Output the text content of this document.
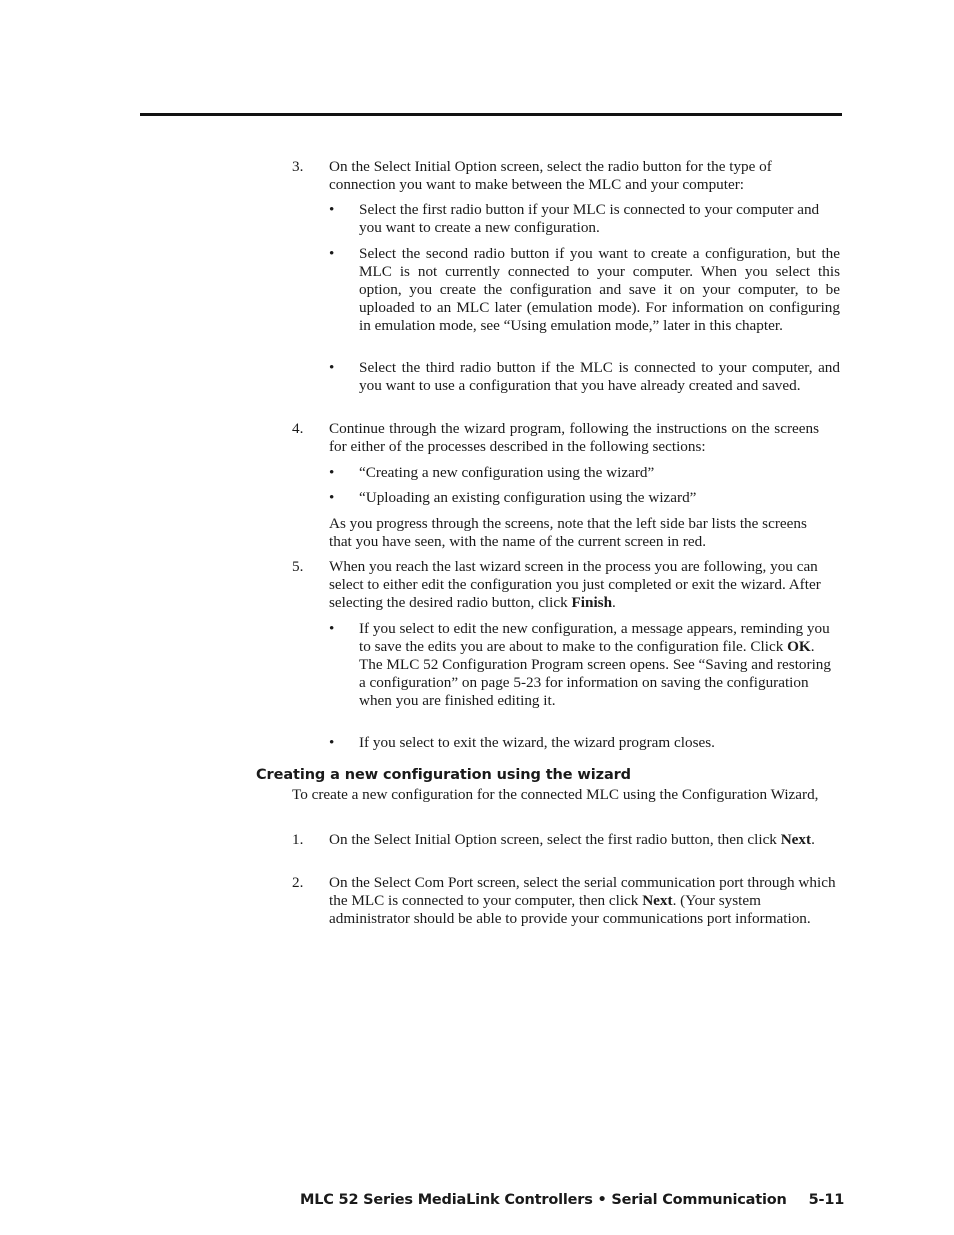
3. On the Select Initial Option screen, select the radio button for the type of connection you want to make between the MLC and your computer:

• Select the first radio button if your MLC is connected to your computer and you want to create a new configuration.

• Select the second radio button if you want to create a configuration, but the MLC is not currently connected to your computer. When you select this option, you create the configuration and save it on your computer, to be uploaded to an MLC later (emulation mode). For information on configuring in emulation mode, see “Using emulation mode,” later in this chapter.

• Select the third radio button if the MLC is connected to your computer, and you want to use a configuration that you have already created and saved.

4. Continue through the wizard program, following the instructions on the screens for either of the processes described in the following sections:

• “Creating a new configuration using the wizard”

• “Uploading an existing configuration using the wizard”

As you progress through the screens, note that the left side bar lists the screens that you have seen, with the name of the current screen in red.

5. When you reach the last wizard screen in the process you are following, you can select to either edit the configuration you just completed or exit the wizard. After selecting the desired radio button, click Finish.

• If you select to edit the new configuration, a message appears, reminding you to save the edits you are about to make to the configuration file. Click OK. The MLC 52 Configuration Program screen opens. See “Saving and restoring a configuration” on page 5-23 for information on saving the configuration when you are finished editing it.

• If you select to exit the wizard, the wizard program closes.

Creating a new configuration using the wizard

To create a new configuration for the connected MLC using the Configuration Wizard,

1. On the Select Initial Option screen, select the first radio button, then click Next.

2. On the Select Com Port screen, select the serial communication port through which the MLC is connected to your computer, then click Next. (Your system administrator should be able to provide your communications port information.

MLC 52 Series MediaLink Controllers • Serial Communication 5-11
